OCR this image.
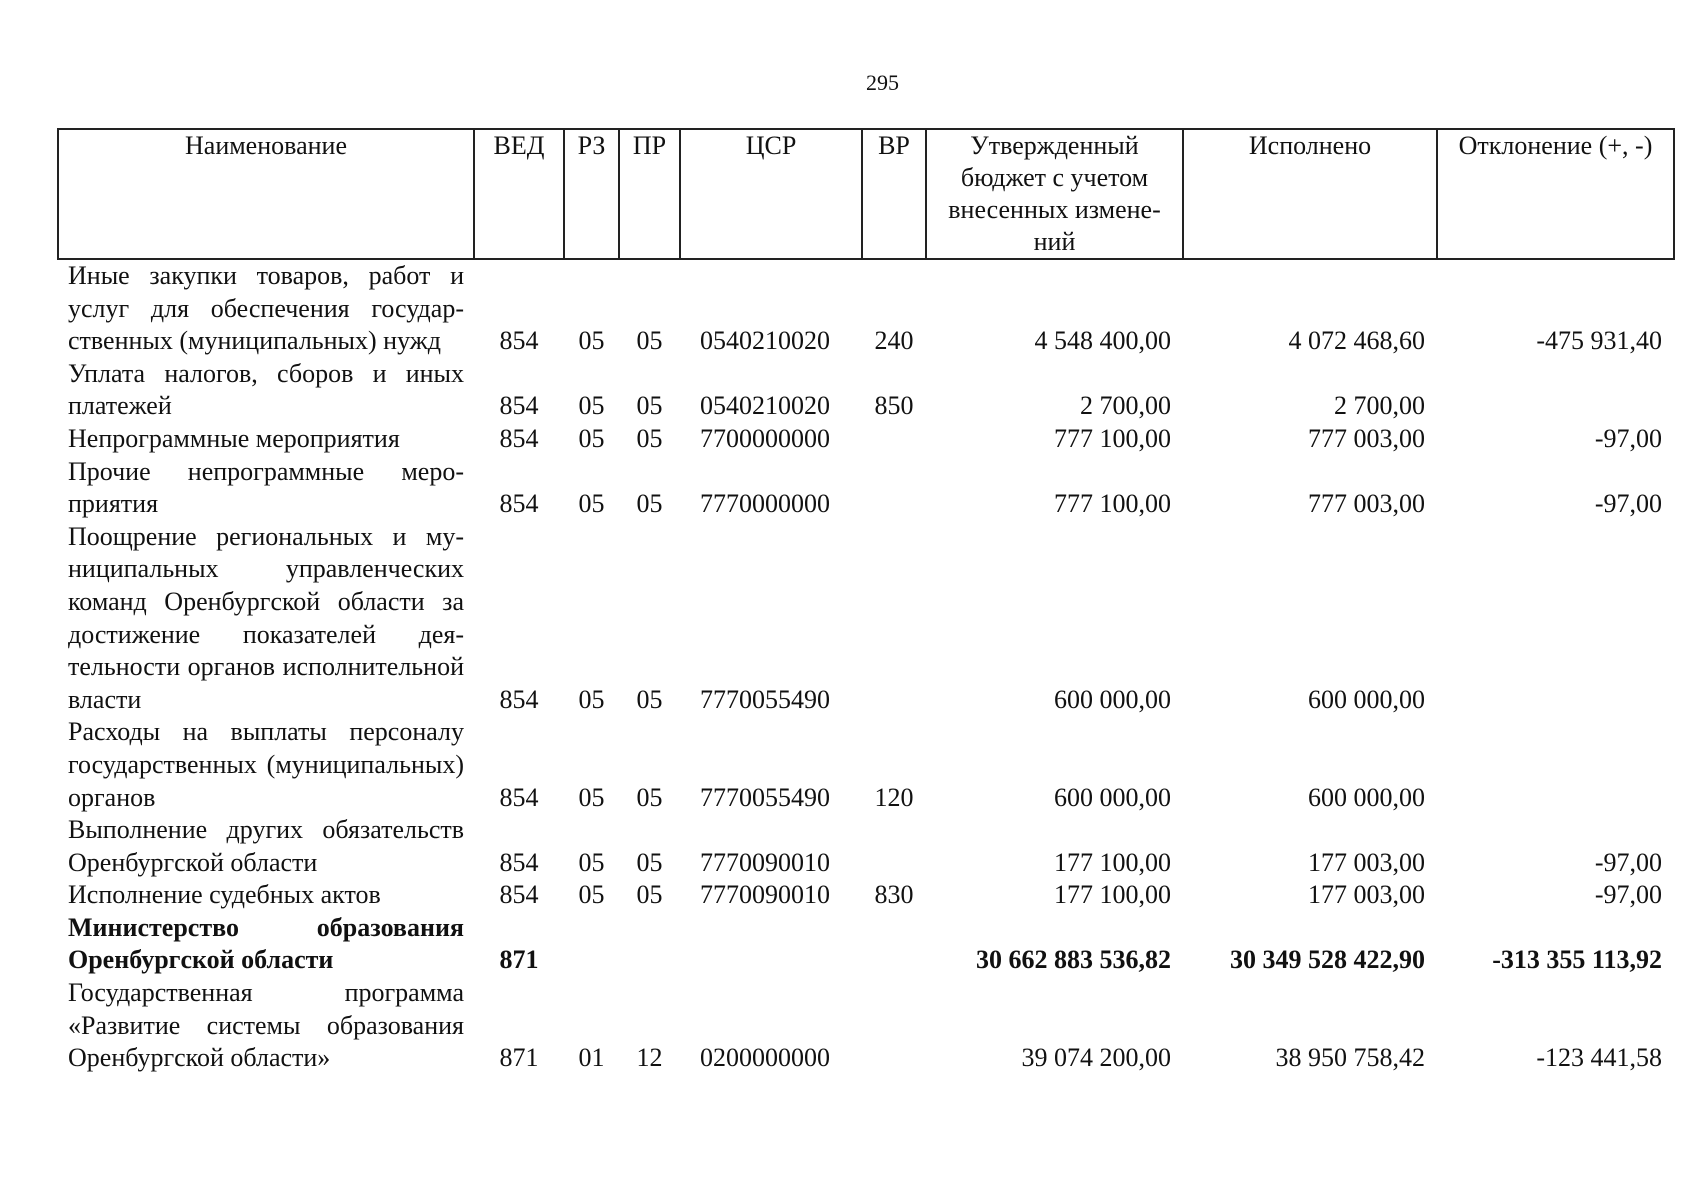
295
Наименование	ВЕД	РЗ	ПР	ЦСР	ВР	Утвержденный бюджет с учетом внесенных измене-ний	Исполнено	Отклонение (+, -)
Иные закупки товаров, работ и услуг для обеспечения государственных (муниципальных) нужд	854	05	05	0540210020	240	4 548 400,00	4 072 468,60	-475 931,40
Уплата налогов, сборов и иных платежей	854	05	05	0540210020	850	2 700,00	2 700,00	
Непрограммные мероприятия	854	05	05	7700000000		777 100,00	777 003,00	-97,00
Прочие непрограммные мероприятия	854	05	05	7770000000		777 100,00	777 003,00	-97,00
Поощрение региональных и муниципальных управленческих команд Оренбургской области за достижение показателей деятельности органов исполнительной власти	854	05	05	7770055490		600 000,00	600 000,00	
Расходы на выплаты персоналу государственных (муниципальных) органов	854	05	05	7770055490	120	600 000,00	600 000,00	
Выполнение других обязательств Оренбургской области	854	05	05	7770090010		177 100,00	177 003,00	-97,00
Исполнение судебных актов	854	05	05	7770090010	830	177 100,00	177 003,00	-97,00
Министерство образования Оренбургской области	871					30 662 883 536,82	30 349 528 422,90	-313 355 113,92
Государственная программа «Развитие системы образования Оренбургской области»	871	01	12	0200000000		39 074 200,00	38 950 758,42	-123 441,58
